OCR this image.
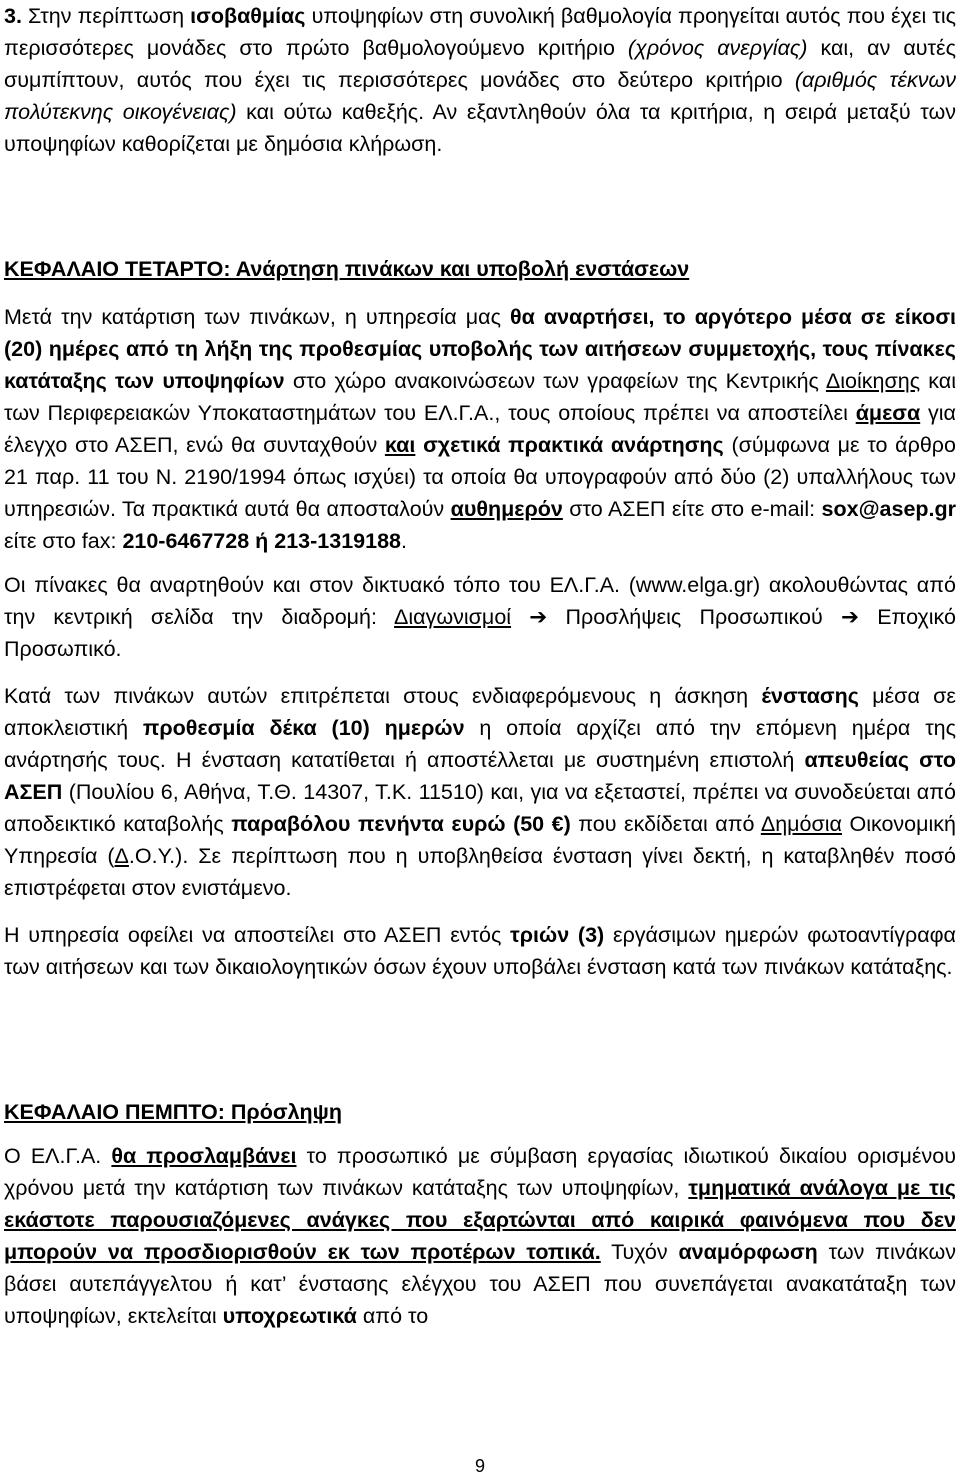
3. Στην περίπτωση ισοβαθμίας υποψηφίων στη συνολική βαθμολογία προηγείται αυτός που έχει τις περισσότερες μονάδες στο πρώτο βαθμολογούμενο κριτήριο (χρόνος ανεργίας) και, αν αυτές συμπίπτουν, αυτός που έχει τις περισσότερες μονάδες στο δεύτερο κριτήριο (αριθμός τέκνων πολύτεκνης οικογένειας) και ούτω καθεξής. Αν εξαντληθούν όλα τα κριτήρια, η σειρά μεταξύ των υποψηφίων καθορίζεται με δημόσια κλήρωση.

ΚΕΦΑΛΑΙΟ ΤΕΤΑΡΤΟ: Ανάρτηση πινάκων και υποβολή ενστάσεων

Μετά την κατάρτιση των πινάκων, η υπηρεσία μας θα αναρτήσει, το αργότερο μέσα σε είκοσι (20) ημέρες από τη λήξη της προθεσμίας υποβολής των αιτήσεων συμμετοχής, τους πίνακες κατάταξης των υποψηφίων στο χώρο ανακοινώσεων των γραφείων της Κεντρικής Διοίκησης και των Περιφερειακών Υποκαταστημάτων του ΕΛ.Γ.Α., τους οποίους πρέπει να αποστείλει άμεσα για έλεγχο στο ΑΣΕΠ, ενώ θα συνταχθούν και σχετικά πρακτικά ανάρτησης (σύμφωνα με το άρθρο 21 παρ. 11 του Ν. 2190/1994 όπως ισχύει) τα οποία θα υπογραφούν από δύο (2) υπαλλήλους των υπηρεσιών. Τα πρακτικά αυτά θα αποσταλούν αυθημερόν στο ΑΣΕΠ είτε στο e-mail: sox@asep.gr είτε στο fax: 210-6467728 ή 213-1319188.

Οι πίνακες θα αναρτηθούν και στον δικτυακό τόπο του ΕΛ.Γ.Α. (www.elga.gr) ακολουθώντας από την κεντρική σελίδα την διαδρομή: Διαγωνισμοί ➔ Προσλήψεις Προσωπικού ➔ Εποχικό Προσωπικό.

Κατά των πινάκων αυτών επιτρέπεται στους ενδιαφερόμενους η άσκηση ένστασης μέσα σε αποκλειστική προθεσμία δέκα (10) ημερών η οποία αρχίζει από την επόμενη ημέρα της ανάρτησής τους. Η ένσταση κατατίθεται ή αποστέλλεται με συστημένη επιστολή απευθείας στο ΑΣΕΠ (Πουλίου 6, Αθήνα, Τ.Θ. 14307, Τ.Κ. 11510) και, για να εξεταστεί, πρέπει να συνοδεύεται από αποδεικτικό καταβολής παραβόλου πενήντα ευρώ (50 €) που εκδίδεται από Δημόσια Οικονομική Υπηρεσία (Δ.Ο.Υ.). Σε περίπτωση που η υποβληθείσα ένσταση γίνει δεκτή, η καταβληθέν ποσό επιστρέφεται στον ενιστάμενο.

Η υπηρεσία οφείλει να αποστείλει στο ΑΣΕΠ εντός τριών (3) εργάσιμων ημερών φωτοαντίγραφα των αιτήσεων και των δικαιολογητικών όσων έχουν υποβάλει ένσταση κατά των πινάκων κατάταξης.

ΚΕΦΑΛΑΙΟ ΠΕΜΠΤΟ: Πρόσληψη

Ο ΕΛ.Γ.Α. θα προσλαμβάνει το προσωπικό με σύμβαση εργασίας ιδιωτικού δικαίου ορισμένου χρόνου μετά την κατάρτιση των πινάκων κατάταξης των υποψηφίων, τμηματικά ανάλογα με τις εκάστοτε παρουσιαζόμενες ανάγκες που εξαρτώνται από καιρικά φαινόμενα που δεν μπορούν να προσδιορισθούν εκ των προτέρων τοπικά. Τυχόν αναμόρφωση των πινάκων βάσει αυτεπάγγελτου ή κατ’ ένστασης ελέγχου του ΑΣΕΠ που συνεπάγεται ανακατάταξη των υποψηφίων, εκτελείται υποχρεωτικά από το

9
